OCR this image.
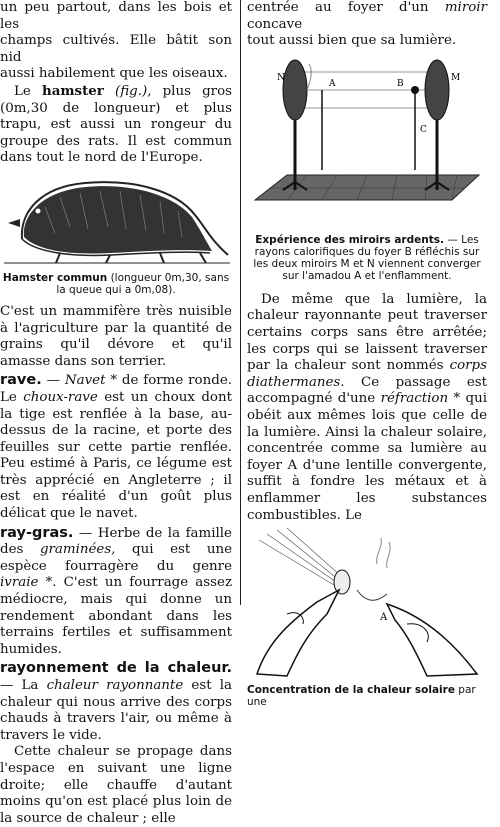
un peu partout, dans les bois et les

champs cultivés. Elle bâtit son nid

aussi habilement que les oiseaux.

Le hamster (fig.), plus gros (0m,30 de longueur) et plus trapu, est aussi un rongeur du groupe des rats. Il est commun dans tout le nord de l'Europe.

Hamster commun (longueur 0m,30, sans la queue qui a 0m,08).

C'est un mammifère très nuisible à l'agriculture par la quantité de grains qu'il dévore et qu'il amasse dans son terrier.

rave. — Navet * de forme ronde. Le choux-rave est un choux dont la tige est renflée à la base, au-dessus de la racine, et porte des feuilles sur cette partie renflée. Peu estimé à Paris, ce légume est très apprécié en Angleterre ; il est en réalité d'un goût plus délicat que le navet.

ray-gras. — Herbe de la famille des graminées, qui est une espèce fourragère du genre ivraie *. C'est un fourrage assez médiocre, mais qui donne un rendement abondant dans les terrains fertiles et suffisamment humides.

rayonnement de la chaleur. — La chaleur rayonnante est la chaleur qui nous arrive des corps chauds à travers l'air, ou même à travers le vide.

Cette chaleur se propage dans l'espace en suivant une ligne droite; elle chauffe d'autant moins qu'on est placé plus loin de la source de chaleur ; elle

centrée au foyer d'un miroir concave

tout aussi bien que sa lumière.

N
A	B
M
C

Expérience des miroirs ardents. — Les rayons calorifiques du foyer B réfléchis sur les deux miroirs M et N viennent converger sur l'amadou A et l'enflamment.

De même que la lumière, la chaleur rayonnante peut traverser certains corps sans être arrêtée; les corps qui se laissent traverser par la chaleur sont nommés corps diathermanes. Ce passage est accompagné d'une réfraction * qui obéit aux mêmes lois que celle de la lumière. Ainsi la chaleur solaire, concentrée comme sa lumière au foyer A d'une lentille convergente, suffit à fondre les métaux et à enflammer les substances combustibles. Le

A

Concentration de la chaleur solaire par une
